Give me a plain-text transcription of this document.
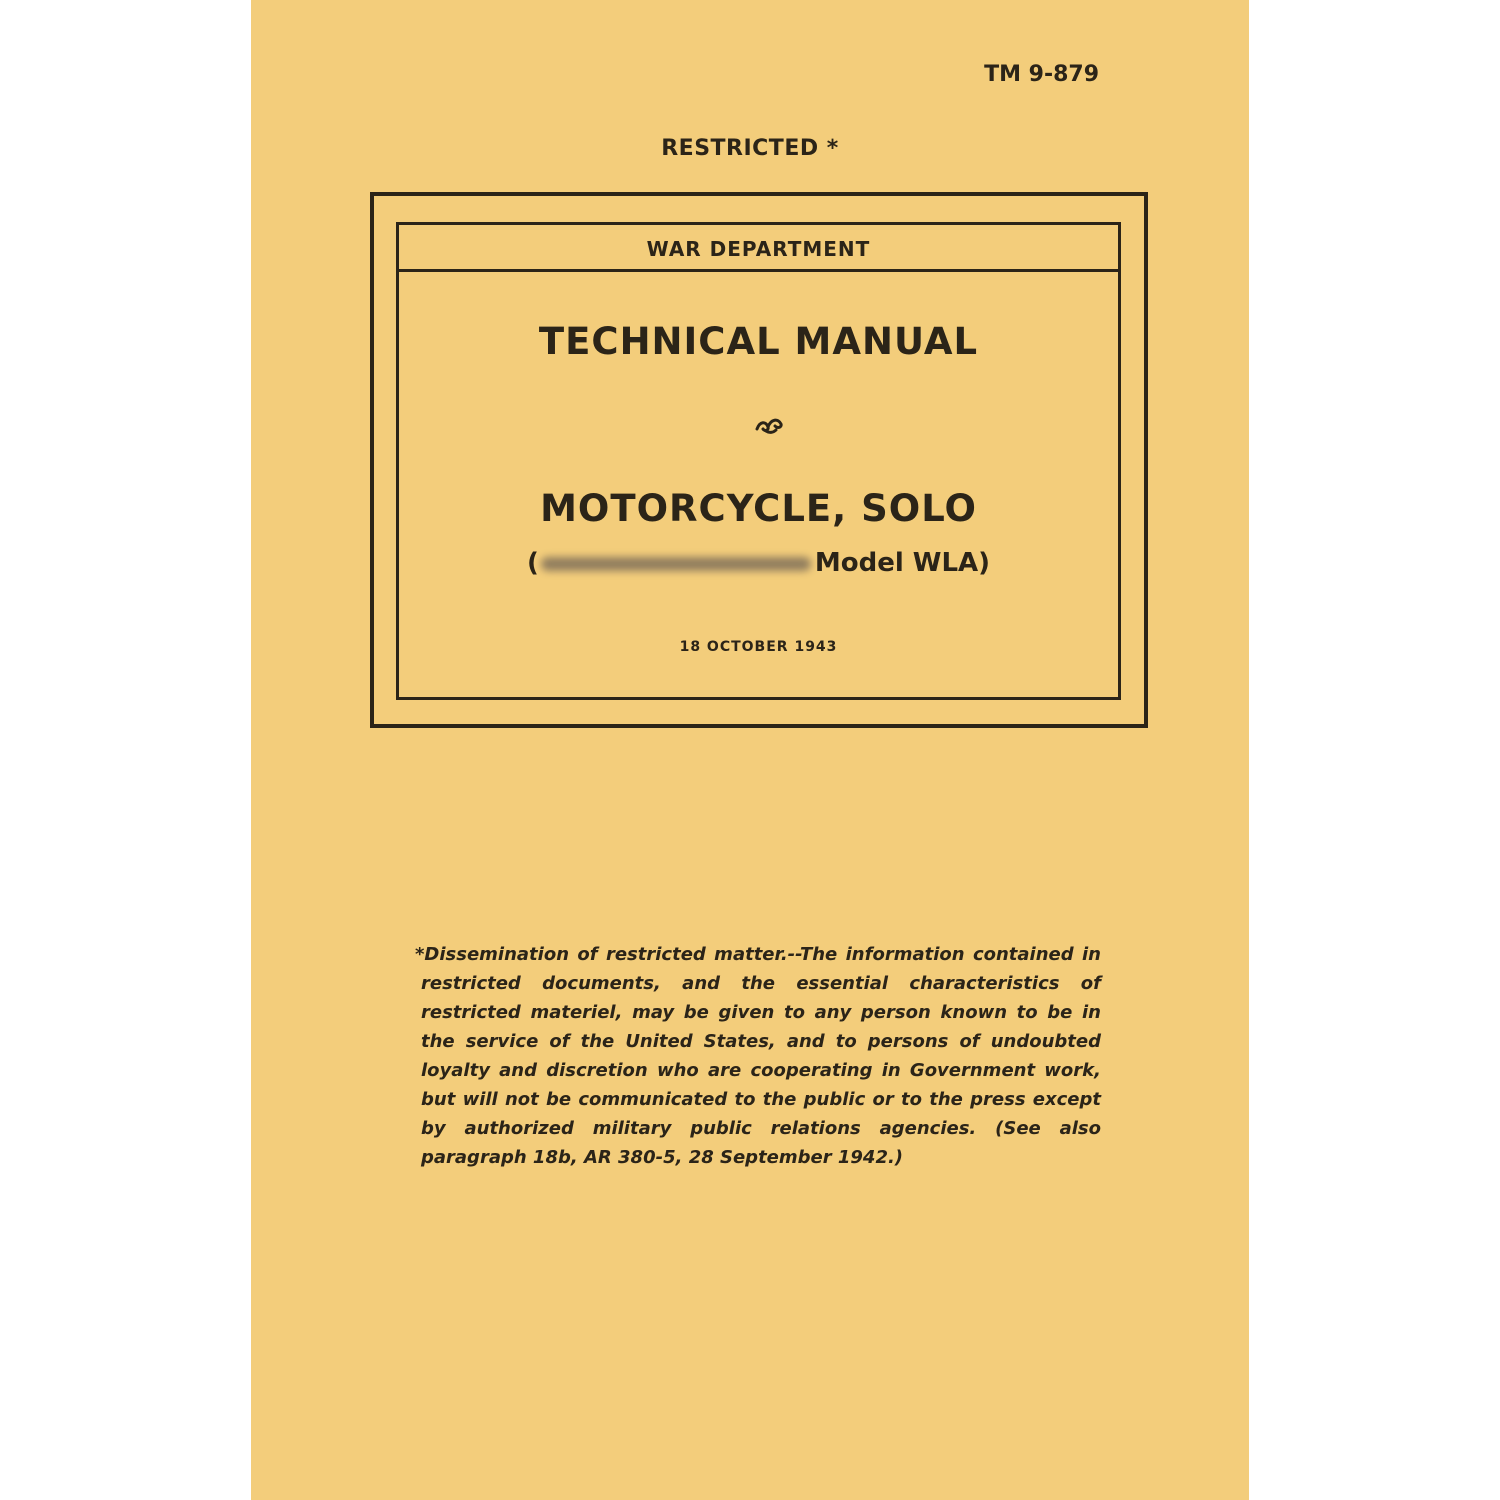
TM 9-879
RESTRICTED *
WAR DEPARTMENT
TECHNICAL MANUAL
MOTORCYCLE, SOLO
(	Model WLA)
18 OCTOBER 1943
*Dissemination of restricted matter.--The information contained in restricted documents, and the essential characteristics of restricted materiel, may be given to any person known to be in the service of the United States, and to persons of undoubted loyalty and discretion who are cooperating in Government work, but will not be communicated to the public or to the press except by authorized military public relations agencies. (See also paragraph 18b, AR 380-5, 28 September 1942.)
